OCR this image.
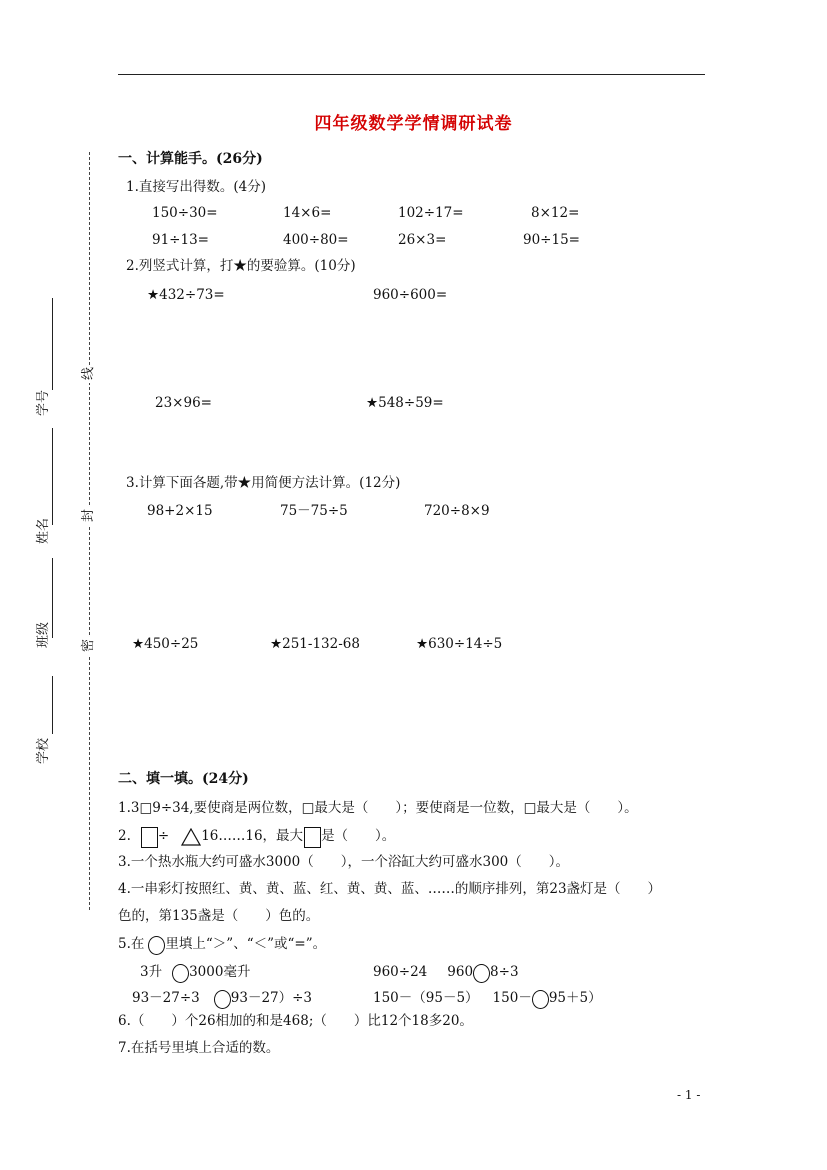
四年级数学学情调研试卷
线
封
密
学号
姓名
班级
学校
一、计算能手。(26分)
1.直接写出得数。(4分)
150÷30=	14×6=	102÷17=	8×12=
91÷13=	400÷80=	26×3=	90÷15=
2.列竖式计算，打★的要验算。(10分)
★432÷73=	960÷600=
23×96=	★548÷59=
3.计算下面各题,带★用简便方法计算。(12分)
98+2×15	75－75÷5	720÷8×9
★450÷25	★251-132-68	★630÷14÷5
二、填一填。(24分)
1.3□9÷34,要使商是两位数，□最大是（　　）；要使商是一位数，□最大是（　　）。
2. ÷ 16……16，最大 是（　　）。
3.一个热水瓶大约可盛水3000（　　），一个浴缸大约可盛水300（　　）。
4.一串彩灯按照红、黄、黄、蓝、红、黄、黄、蓝、……的顺序排列，第23盏灯是（　　）
色的，第135盏是（　　）色的。
5.在 里填上“＞”、“＜”或“=”。
3升 3000毫升	960÷24 960 8÷3
93－27÷3 93－27）÷3	150－（95－5） 150－ 95＋5）
6.（　　）个26相加的和是468;（　　）比12个18多20。
7.在括号里填上合适的数。
- 1 -
